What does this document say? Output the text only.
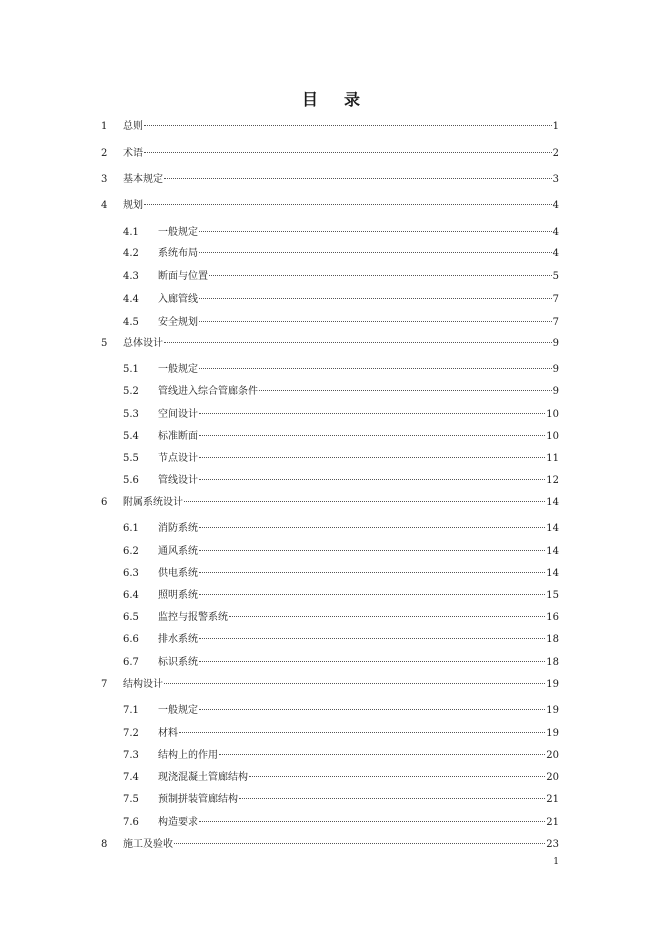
目 录
1 总则	1
2 术语	2
3 基本规定	3
4 规划	4
4.1 一般规定	4
4.2 系统布局	4
4.3 断面与位置	5
4.4 入廊管线	7
4.5 安全规划	7
5 总体设计	9
5.1 一般规定	9
5.2 管线进入综合管廊条件	9
5.3 空间设计	10
5.4 标准断面	10
5.5 节点设计	11
5.6 管线设计	12
6 附属系统设计	14
6.1 消防系统	14
6.2 通风系统	14
6.3 供电系统	14
6.4 照明系统	15
6.5 监控与报警系统	16
6.6 排水系统	18
6.7 标识系统	18
7 结构设计	19
7.1 一般规定	19
7.2 材料	19
7.3 结构上的作用	20
7.4 现浇混凝土管廊结构	20
7.5 预制拼装管廊结构	21
7.6 构造要求	21
8 施工及验收	23
1
